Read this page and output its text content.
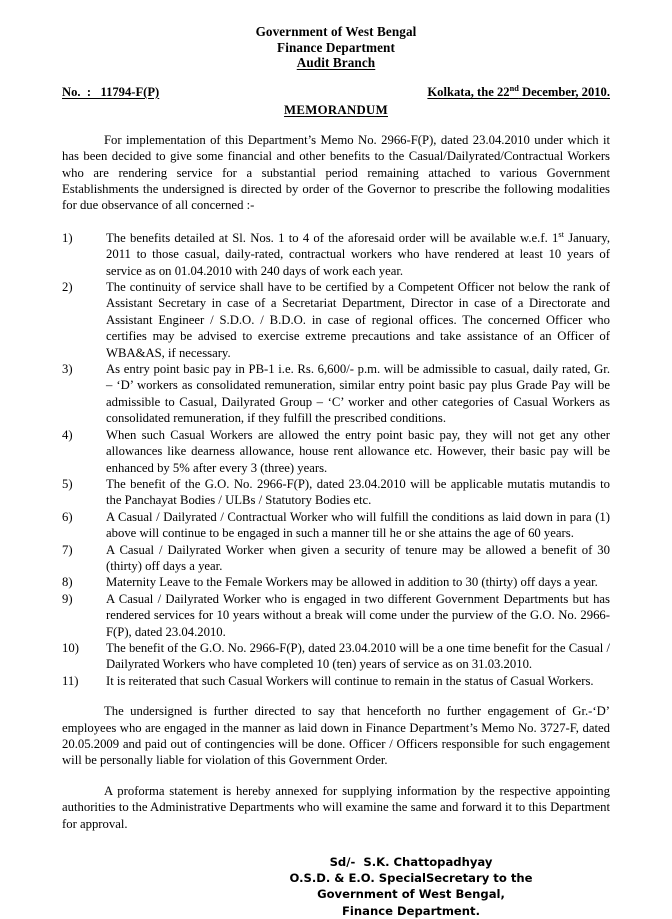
Government of West Bengal
Finance Department
Audit Branch
No.  :   11794-F(P)	Kolkata, the 22nd December, 2010.
MEMORANDUM

For implementation of this Department’s Memo No. 2966-F(P), dated 23.04.2010 under which it has been decided to give some financial and other benefits to the Casual/Dailyrated/Contractual Workers who are rendering service for a substantial period remaining attached to various Government Establishments the undersigned is directed by order of the Governor to prescribe the following modalities for due observance of all concerned :-

1)	The benefits detailed at Sl. Nos. 1 to 4 of the aforesaid order will be available w.e.f. 1st January, 2011 to those casual, daily-rated, contractual workers who have rendered at least 10 years of service as on 01.04.2010 with 240 days of work each year.
2)	The continuity of service shall have to be certified by a Competent Officer not below the rank of Assistant Secretary in case of a Secretariat Department, Director in case of a Directorate and Assistant Engineer / S.D.O. / B.D.O. in case of regional offices. The concerned Officer who certifies may be advised to exercise extreme precautions and take assistance of an Officer of WBA&AS, if necessary.
3)	As entry point basic pay in PB-1 i.e. Rs. 6,600/- p.m. will be admissible to casual, daily rated, Gr. – ‘D’ workers as consolidated remuneration, similar entry point basic pay plus Grade Pay will be admissible to Casual, Dailyrated Group – ‘C’ worker and other categories of Casual Workers as consolidated remuneration, if they fulfill the prescribed conditions.
4)	When such Casual Workers are allowed the entry point basic pay, they will not get any other allowances like dearness allowance, house rent allowance etc. However, their basic pay will be enhanced by 5% after every 3 (three) years.
5)	The benefit of the G.O. No. 2966-F(P), dated 23.04.2010 will be applicable mutatis mutandis to the Panchayat Bodies / ULBs / Statutory Bodies etc.
6)	A Casual / Dailyrated / Contractual Worker who will fulfill the conditions as laid down in para (1) above will continue to be engaged in such a manner till he or she attains the age of 60 years.
7)	A Casual / Dailyrated Worker when given a security of tenure may be allowed a benefit of 30 (thirty) off days a year.
8)	Maternity Leave to the Female Workers may be allowed in addition to 30 (thirty) off days a year.
9)	A Casual / Dailyrated Worker who is engaged in two different Government Departments but has rendered services for 10 years without a break will come under the purview of the G.O. No. 2966-F(P), dated 23.04.2010.
10)	The benefit of the G.O. No. 2966-F(P), dated 23.04.2010 will be a one time benefit for the Casual / Dailyrated Workers who have completed 10 (ten) years of service as on 31.03.2010.
11)	It is reiterated that such Casual Workers will continue to remain in the status of Casual Workers.

The undersigned is further directed to say that henceforth no further engagement of Gr.-‘D’ employees who are engaged in the manner as laid down in Finance Department’s Memo No. 3727-F, dated 20.05.2009 and paid out of contingencies will be done. Officer / Officers responsible for such engagement will be personally liable for violation of this Government Order.

A proforma statement is hereby annexed for supplying information by the respective appointing authorities to the Administrative Departments who will examine the same and forward it to this Department for approval.

Sd/-  S.K. Chattopadhyay
O.S.D. & E.O. SpecialSecretary to the
Government of West Bengal,
Finance Department.
